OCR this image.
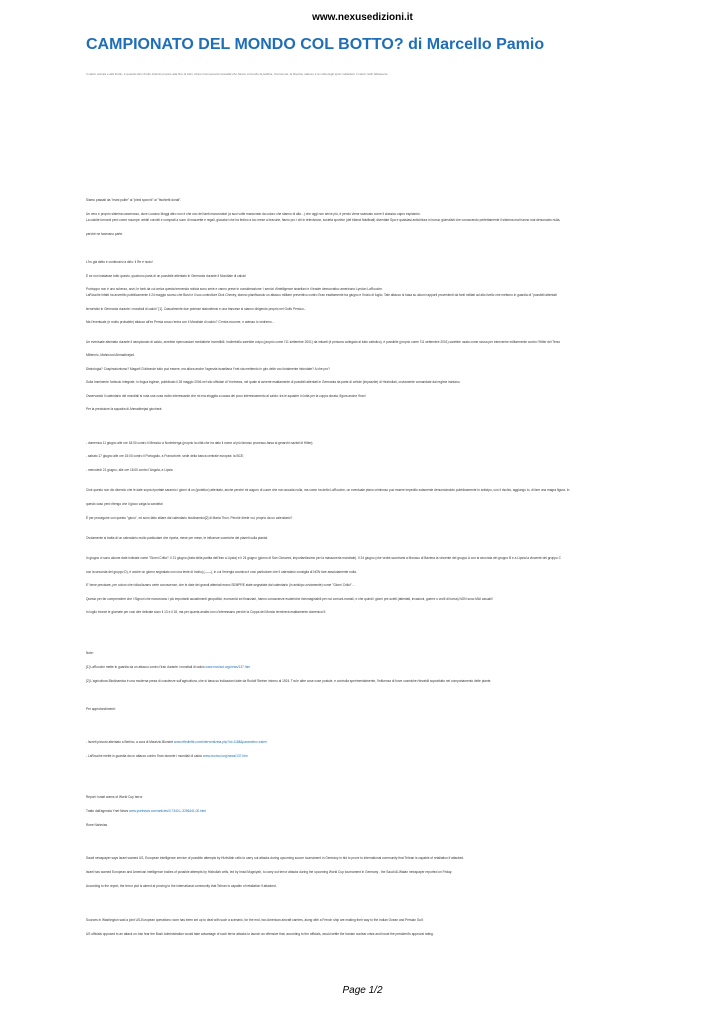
www.nexusedizioni.it
CAMPIONATO DEL MONDO COL BOTTO? di Marcello Pamio
Il calcio orienta e alla fruitio, è quando dico fruitio intendo proprio alla fine di tutto. Dopo innumerevoli scandali che hanno coinvolto la politica, l'economia, la finanza, adesso è la volta degli sport miliardari: il calcio nello fattispecie.
Siamo passati da "mani pulite" ai "piedi sporchi" ai "fischietti dorati".
Un vero e proprio sistema carcerosso, dove Luciano Moggi altro non è che uno dei tanti manovratori (a suoi volte manovrato da coloro che stanno di alto...) che oggi non serve più, è perciò viene scaricato come il classico capro espiatorio.
La calcite tornordi però come noumpe: arbitri corrotti e comprati a suon di mazzette e regali, giocatori che ha fedino a tuo mese a bravuhe, fiamo pro i chi in televisione, società sportive (dei bilanci falsificati) diventate Spa e qualsiasi antichitura in borsa; giornalisti che conoscendo perfettamente il sistema mai hanno mai denunciato nulla,
perché ne facevano parte.
L'ho già detto e continuerò a dirlo: il Re è nudo!
È se non bastasse tutto questo, qualcuno parla di un possibile attentato in Germania durante il Mondiale di calcio!
Purtroppo non è uno scherzo, anzi; le fonti da cui arriva questa tremenda notizia sono serie e vanno prese in considerazione: i servizi d'intelligence israeliani e il leader democratico americano Lyndon LaRouche.
LaRouche infatti ha avvertito pubblicamente il 24 maggio scorso che Bush e il suo controllore Dick Cheney, stanno pianificando un attacco militare preventivo contro l'Iran esattamente tra giugno e l'inizio di luglio. Tale attacco si basa su alcuni rapporti provenienti da fonti militari ad alto livello che mettono in guardia di "possibili attentati
terroristici in Germania durante i mondiali di calcio" [1]. Casualmente due potenze statunitensi e una francese si stanno dirigendo proprio nel Golfo Persico...
Ma l'eventuale (e molto probabile) attacco all'ex Persia cosa c'entra con il Mondiale di calcio? C'entra eccome, e adesso lo vedremo...
Un eventuale attentato durante il campionato di calcio, avrebbe ripercussioni mediatiche incredibili. Inoltrebello sarebbe colpo (proprio come l'11 settembre 2001) da imbarti (è persona collegato al tutto cattolico), è possibile (proprio come l'11 settembre 2001) sarebbe usato come scusa per intervenire militarmente contro l'Hitler del Terzo
Millennio, Mahmoud Ahmadinejad.
Distrologia? Cospirazionismo? Magari! D'altronde tutto può essere, ma allora anche l'agenzia israeliana Ynet sta mettendo in giro delle voci totalmente infondate? A che pro?
Sulla Imminente l'articolo integrale, in lingua inglese, pubblicato il 28 maggio 2006 nel sito ufficiale di Ynetnews, nel quale si avverte esattamente di possibili attentati in Germania da parte di cellule (impazzite) di Hezbollah, ovviamente comandate dal regime iraniano.
Osservando il calendario dei mondiali si nota una cosa molto interessante che mi era sfuggita a causa del poco interessamento al calcio: tra le squadre in lotta per la coppa dorata, figura anche l'Iran!
Per la precisione la squadra di Ahmadinejad giocherà:
- domenica 11 giugno alle ore 18:00 contro il Messico a Norimberga (proprio la città che ha dato il nome al più famoso processo-farsa ai gerarchi nazisti di Hitler);
- sabato 17 giugno alle ore 15:00 contro il Portogallo, a Francoforte, sede della banca centrale europea: la BCE;
- mercoledì 21 giugno, alle ore 16:00 contro l'Angola, a Lipsia
Cioè questo non dic dicendo che le date sopra riportate saranno i giorni di un (ipotetico) attentato, anche perché mi auguro di cuore che non accada nulla, ma come ha detto LaRouche, un eventuale piano criminoso può essere impedito solamente denunciandolo pubblicamente in anticipo, con il rischio, aggiungo io, di fare una magra figura. In
questo caso però ritengo che il gioco valga la candela!
È per proseguire con questo "gioco", mi sono fatto stilare dal calendario biodinamico[2] di Maria Thun. Perché direte voi, proprio da un calendario?
Ovviamente si tratta di un calendario molto particolare che riporta, mese per mese, le influenze cosmiche dei pianeti sulla pianta!
In giugno vi sono alcune date indicate come "Giorni Critici": il 21 giugno (data della partita dell'Iran a Lipsia) e il 24 giugno (giorno di San Giovanni, importantissimo per la massoneria mondiale). Il 24 giugno (che vedrà scontrarsi a Monaco di Baviera la vincente del gruppo A con la seconda del gruppo B e a Lipsia la vincente del gruppo C
con la seconda del gruppo D), è anche un giorno segnalato con una lente di Indriuj (——), in cui l'energia cosmica è così particolare che il calendario consiglia di NON fare assolutamente nulla.
E' bene precisare, per coloro che ridicolizzano certe conoscenze, che le date dei grandi attentati erano SEMPRE state segnalate dal calendario (in anticipo ovviamente) come "Giorni Critici"...
Questo per far comprendere che i Signori che manovrano i più importanti accadimenti geopolitici, economici ed finanziari, hanno conoscenze esoteriche inimmaginabili per noi comuni-mortali, e che quindi i giorni pre-scelti (attentati, invasioni, guerre o crolli di borsa) NON sono MAI casuali!
In luglio invece le giornate per così dire delicate sono il 13 e il 18, ma per quanta analisi non c'interessano perché la Coppa del Mondo terminerà esattamente domenica 9.
Note:
[1] LaRouche mette in guardia da un attacco contro l'Iran durante i mondiali di calcio www.movisol.org/news/137.htm
[2] L'agricoltura Biodinamica è una moderna presa di coscienze sull'agricoltura, che si basa su indicazioni date da Rudolf Steiner intorno al 1924. Tra le altre cose cose postule, e controlla sperimentalmente, l'influenza di forze cosmiche rilevabili soprattutto nel comportamento delle piante.
Per approfondimenti:
- Iscreti piovuto attentato a Berlino, a cura di Maurizio Blondet www.effedieffe.com/interventizeta.php?id=1188&parametro=esteri
- LaRouche mette in guardia da un attacco contro l'Iran durante i mondiali di calcio www.movisol.org/news/137.htm
Report: Israel warns of World Cup terror
Tratto dall'agenzia Ynet News www.ynetnews.com/articles/0,7340,L-3256441,00.html
Roee Nahmias
Saudi newspaper says Israel warned US, European intelligence service of possible attempts by Hizbullah cells to carry out attacks during upcoming soccer tournament in Germany in bid to prove to international community that Tehran is capable of retaliation if attacked.
Israel has warned European and American intelligence bodies of possible attempts by Hizbullah cells, led by Imad Mugniyah, to carry out terror attacks during the upcoming World Cup tournament in Germany , the Saudi Al-Watan newspaper reported on Friday.
According to the report, the terror plot is aimed at proving to the international community that Tehran is capable of retaliation if attacked.
Sources in Washington said a joint US-European operations room has been set up to deal with such a scenario, for the end, two American aircraft carriers, along with a French ship are making their way to the Indian Ocean and Persian Gulf.
US officials opposed to an attack on Iran fear the Bush Administration would take advantage of such terror attacks to launch an offensive that, according to the officials, would settle the Iranian nuclear crisis and boost the president's approval rating.
Page 1/2
